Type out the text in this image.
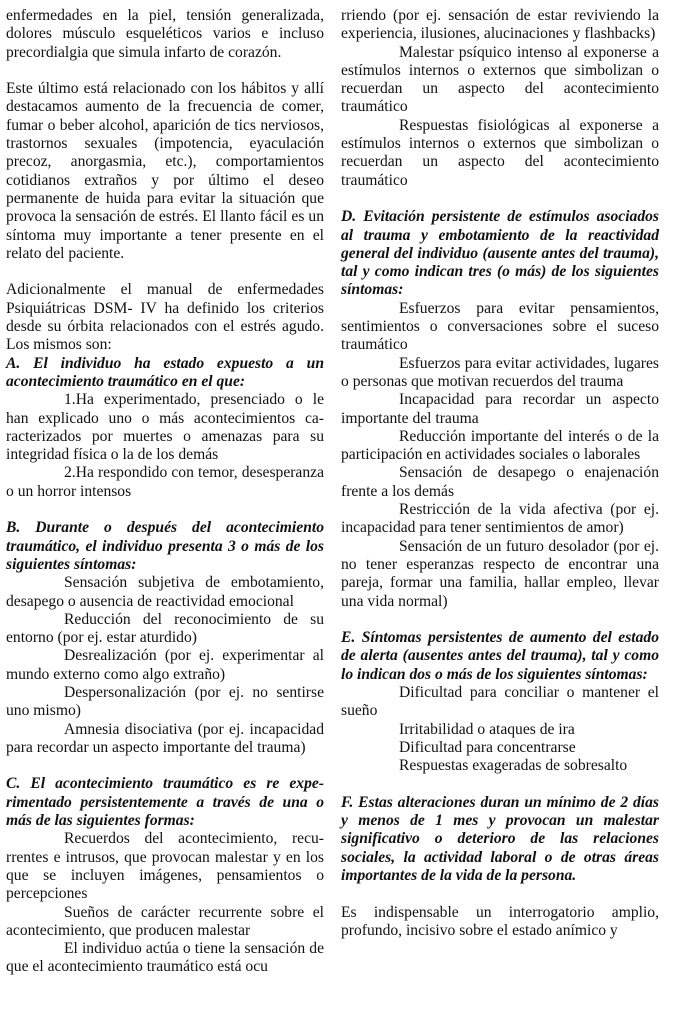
enfermedades en la piel, tensión generalizada, dolores músculo esqueléticos varios e incluso precordialgia que simula infarto de corazón.

Este último está relacionado con los hábitos y allí destacamos aumento de la frecuencia de comer, fumar o beber alcohol, aparición de tics nerviosos, trastornos sexuales (impotencia, eyaculación precoz, anorgasmia, etc.), comportamientos cotidianos extraños y por último el deseo permanente de huida para evitar la situación que provoca la sensación de estrés. El llanto fácil es un síntoma muy importante a tener presente en el relato del paciente.

Adicionalmente el manual de enfermedades Psiquiátricas DSM- IV ha definido los criterios desde su órbita relacionados con el estrés agudo. Los mismos son:

A. El individuo ha estado expuesto a un acontecimiento traumático en el que:

1.Ha experimentado, presenciado o le han explicado uno o más acontecimientos caracterizados por muertes o amenazas para su integridad física o la de los demás

2.Ha respondido con temor, desesperanza o un horror intensos

B. Durante o después del acontecimiento traumático, el individuo presenta 3 o más de los siguientes síntomas:

Sensación subjetiva de embotamiento, desapego o ausencia de reactividad emocional

Reducción del reconocimiento de su entorno (por ej. estar aturdido)

Desrealización (por ej. experimentar al mundo externo como algo extraño)

Despersonalización (por ej. no sentirse uno mismo)

Amnesia disociativa (por ej. incapacidad para recordar un aspecto importante del trauma)

C. El acontecimiento traumático es re experimentado persistentemente a través de una o más de las siguientes formas:

Recuerdos del acontecimiento, recurrentes e intrusos, que provocan malestar y en los que se incluyen imágenes, pensamientos o percepciones

Sueños de carácter recurrente sobre el acontecimiento, que producen malestar

El individuo actúa o tiene la sensación de que el acontecimiento traumático está ocu

rriendo (por ej. sensación de estar reviviendo la experiencia, ilusiones, alucinaciones y flashbacks)

Malestar psíquico intenso al exponerse a estímulos internos o externos que simbolizan o recuerdan un aspecto del acontecimiento traumático

Respuestas fisiológicas al exponerse a estímulos internos o externos que simbolizan o recuerdan un aspecto del acontecimiento traumático

D. Evitación persistente de estímulos asociados al trauma y embotamiento de la reactividad general del individuo (ausente antes del trauma), tal y como indican tres (o más) de los siguientes síntomas:

Esfuerzos para evitar pensamientos, sentimientos o conversaciones sobre el suceso traumático

Esfuerzos para evitar actividades, lugares o personas que motivan recuerdos del trauma

Incapacidad para recordar un aspecto importante del trauma

Reducción importante del interés o de la participación en actividades sociales o laborales

Sensación de desapego o enajenación frente a los demás

Restricción de la vida afectiva (por ej. incapacidad para tener sentimientos de amor)

Sensación de un futuro desolador (por ej. no tener esperanzas respecto de encontrar una pareja, formar una familia, hallar empleo, llevar una vida normal)

E. Síntomas persistentes de aumento del estado de alerta (ausentes antes del trauma), tal y como lo indican dos o más de los siguientes síntomas:

Dificultad para conciliar o mantener el sueño

Irritabilidad o ataques de ira

Dificultad para concentrarse

Respuestas exageradas de sobresalto

F. Estas alteraciones duran un mínimo de 2 días y menos de 1 mes y provocan un malestar significativo o deterioro de las relaciones sociales, la actividad laboral o de otras áreas importantes de la vida de la persona.

Es indispensable un interrogatorio amplio, profundo, incisivo sobre el estado anímico y
